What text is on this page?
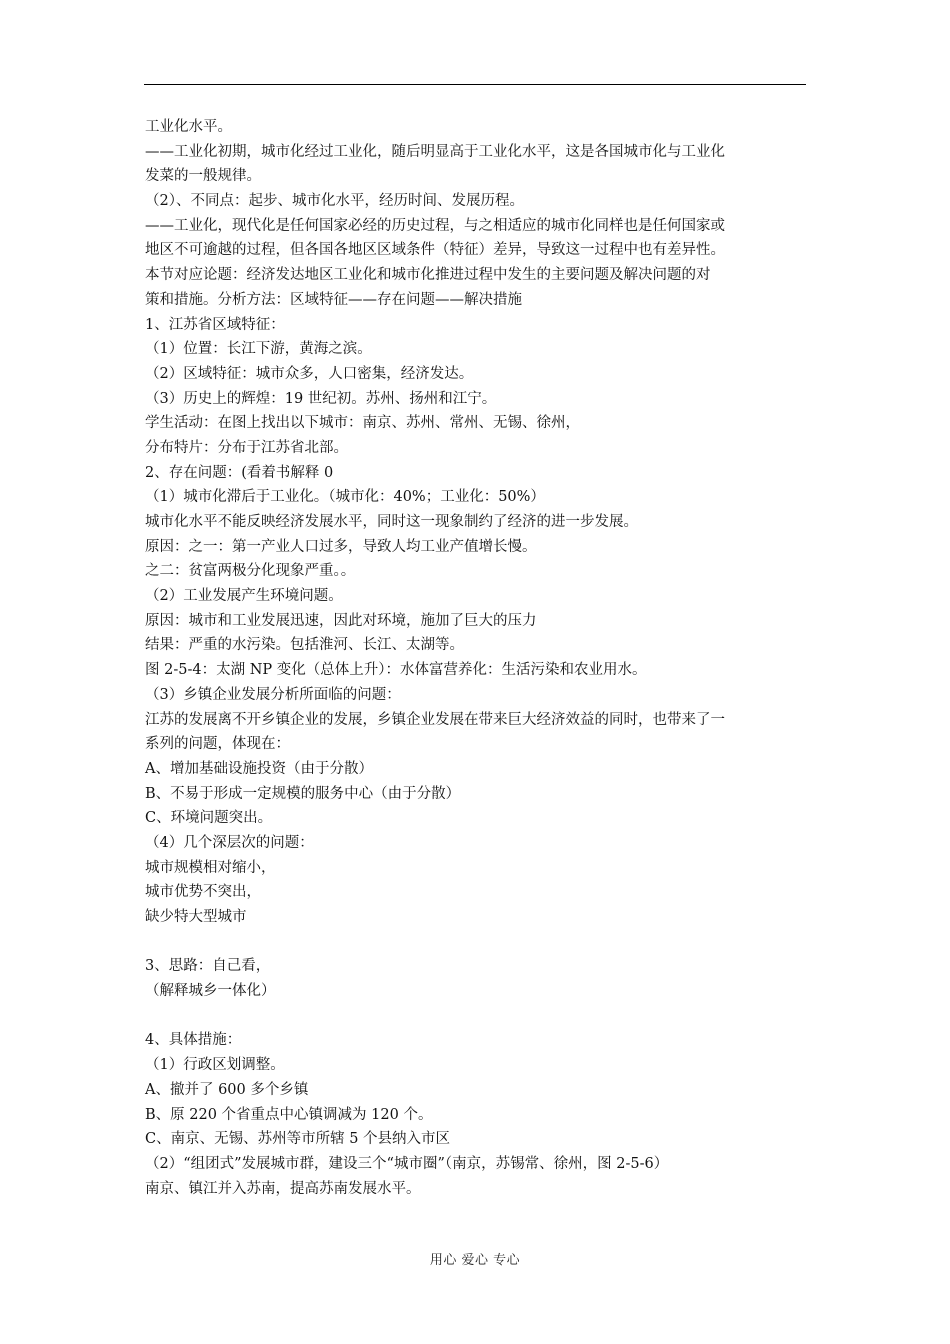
工业化水平。
——工业化初期，城市化经过工业化，随后明显高于工业化水平，这是各国城市化与工业化
发菜的一般规律。
（2）、不同点：起步、城市化水平，经历时间、发展历程。
——工业化，现代化是任何国家必经的历史过程，与之相适应的城市化同样也是任何国家或
地区不可逾越的过程，但各国各地区区域条件（特征）差异，导致这一过程中也有差异性。
本节对应论题：经济发达地区工业化和城市化推进过程中发生的主要问题及解决问题的对
策和措施。分析方法：区域特征——存在问题——解决措施
1、江苏省区域特征：
（1）位置：长江下游，黄海之滨。
（2）区域特征：城市众多，人口密集，经济发达。
（3）历史上的辉煌：19 世纪初。苏州、扬州和江宁。
学生活动：在图上找出以下城市：南京、苏州、常州、无锡、徐州，
分布特片：分布于江苏省北部。
2、存在问题：(看着书解释 0
（1）城市化滞后于工业化。（城市化：40%；工业化：50%）
城市化水平不能反映经济发展水平，同时这一现象制约了经济的进一步发展。
原因：之一：第一产业人口过多，导致人均工业产值增长慢。
之二：贫富两极分化现象严重。。
（2）工业发展产生环境问题。
原因：城市和工业发展迅速，因此对环境，施加了巨大的压力
结果：严重的水污染。包括淮河、长江、太湖等。
图 2-5-4：太湖 NP 变化（总体上升）：水体富营养化：生活污染和农业用水。
（3）乡镇企业发展分析所面临的问题：
江苏的发展离不开乡镇企业的发展，乡镇企业发展在带来巨大经济效益的同时，也带来了一
系列的问题，体现在：
A、增加基础设施投资（由于分散）
B、不易于形成一定规模的服务中心（由于分散）
C、环境问题突出。
（4）几个深层次的问题：
城市规模相对缩小，
城市优势不突出，
缺少特大型城市
3、思路：自己看，
（解释城乡一体化）
4、具体措施：
（1）行政区划调整。
A、撤并了 600 多个乡镇
B、原 220 个省重点中心镇调减为 120 个。
C、南京、无锡、苏州等市所辖 5 个县纳入市区
（2）“组团式”发展城市群，建设三个“城市圈”（南京，苏锡常、徐州，图 2-5-6）
南京、镇江并入苏南，提高苏南发展水平。
用心 爱心 专心
